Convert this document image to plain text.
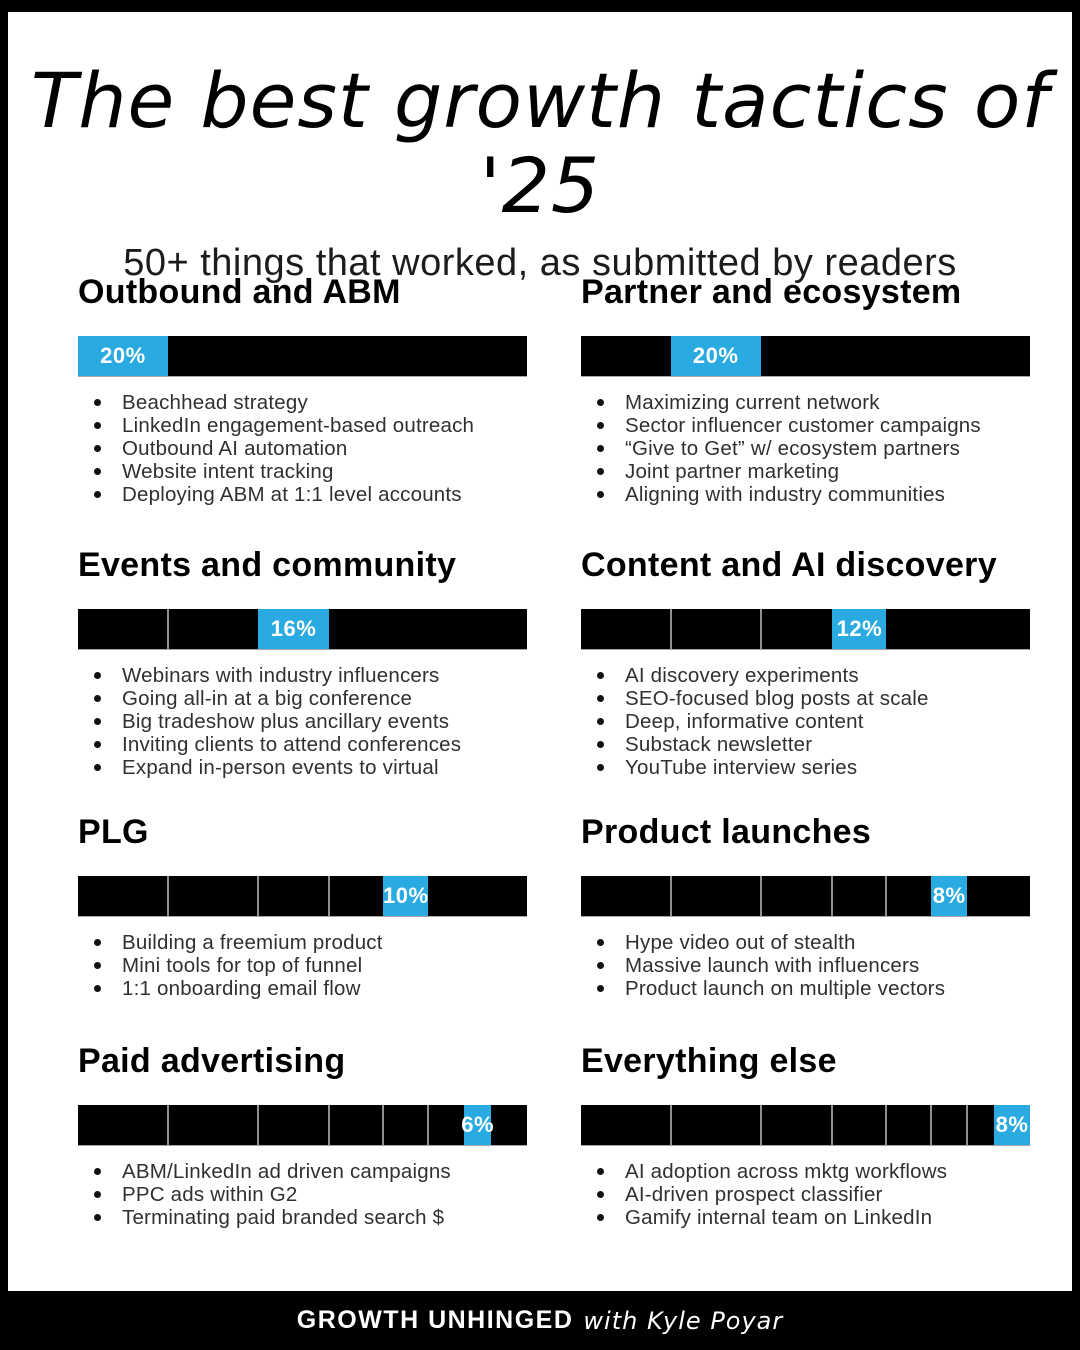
The best growth tactics of '25

50+ things that worked, as submitted by readers

Outbound and ABM
20%
Beachhead strategy
LinkedIn engagement-based outreach
Outbound AI automation
Website intent tracking
Deploying ABM at 1:1 level accounts
Partner and ecosystem
20%
Maximizing current network
Sector influencer customer campaigns
“Give to Get” w/ ecosystem partners
Joint partner marketing
Aligning with industry communities
Events and community
16%
Webinars with industry influencers
Going all-in at a big conference
Big tradeshow plus ancillary events
Inviting clients to attend conferences
Expand in-person events to virtual
Content and AI discovery
12%
AI discovery experiments
SEO-focused blog posts at scale
Deep, informative content
Substack newsletter
YouTube interview series
PLG
10%
Building a freemium product
Mini tools for top of funnel
1:1 onboarding email flow
Product launches
8%
Hype video out of stealth
Massive launch with influencers
Product launch on multiple vectors
Paid advertising
6%
ABM/LinkedIn ad driven campaigns
PPC ads within G2
Terminating paid branded search $
Everything else
8%
AI adoption across mktg workflows
AI-driven prospect classifier
Gamify internal team on LinkedIn
GROWTH UNHINGED with Kyle Poyar
